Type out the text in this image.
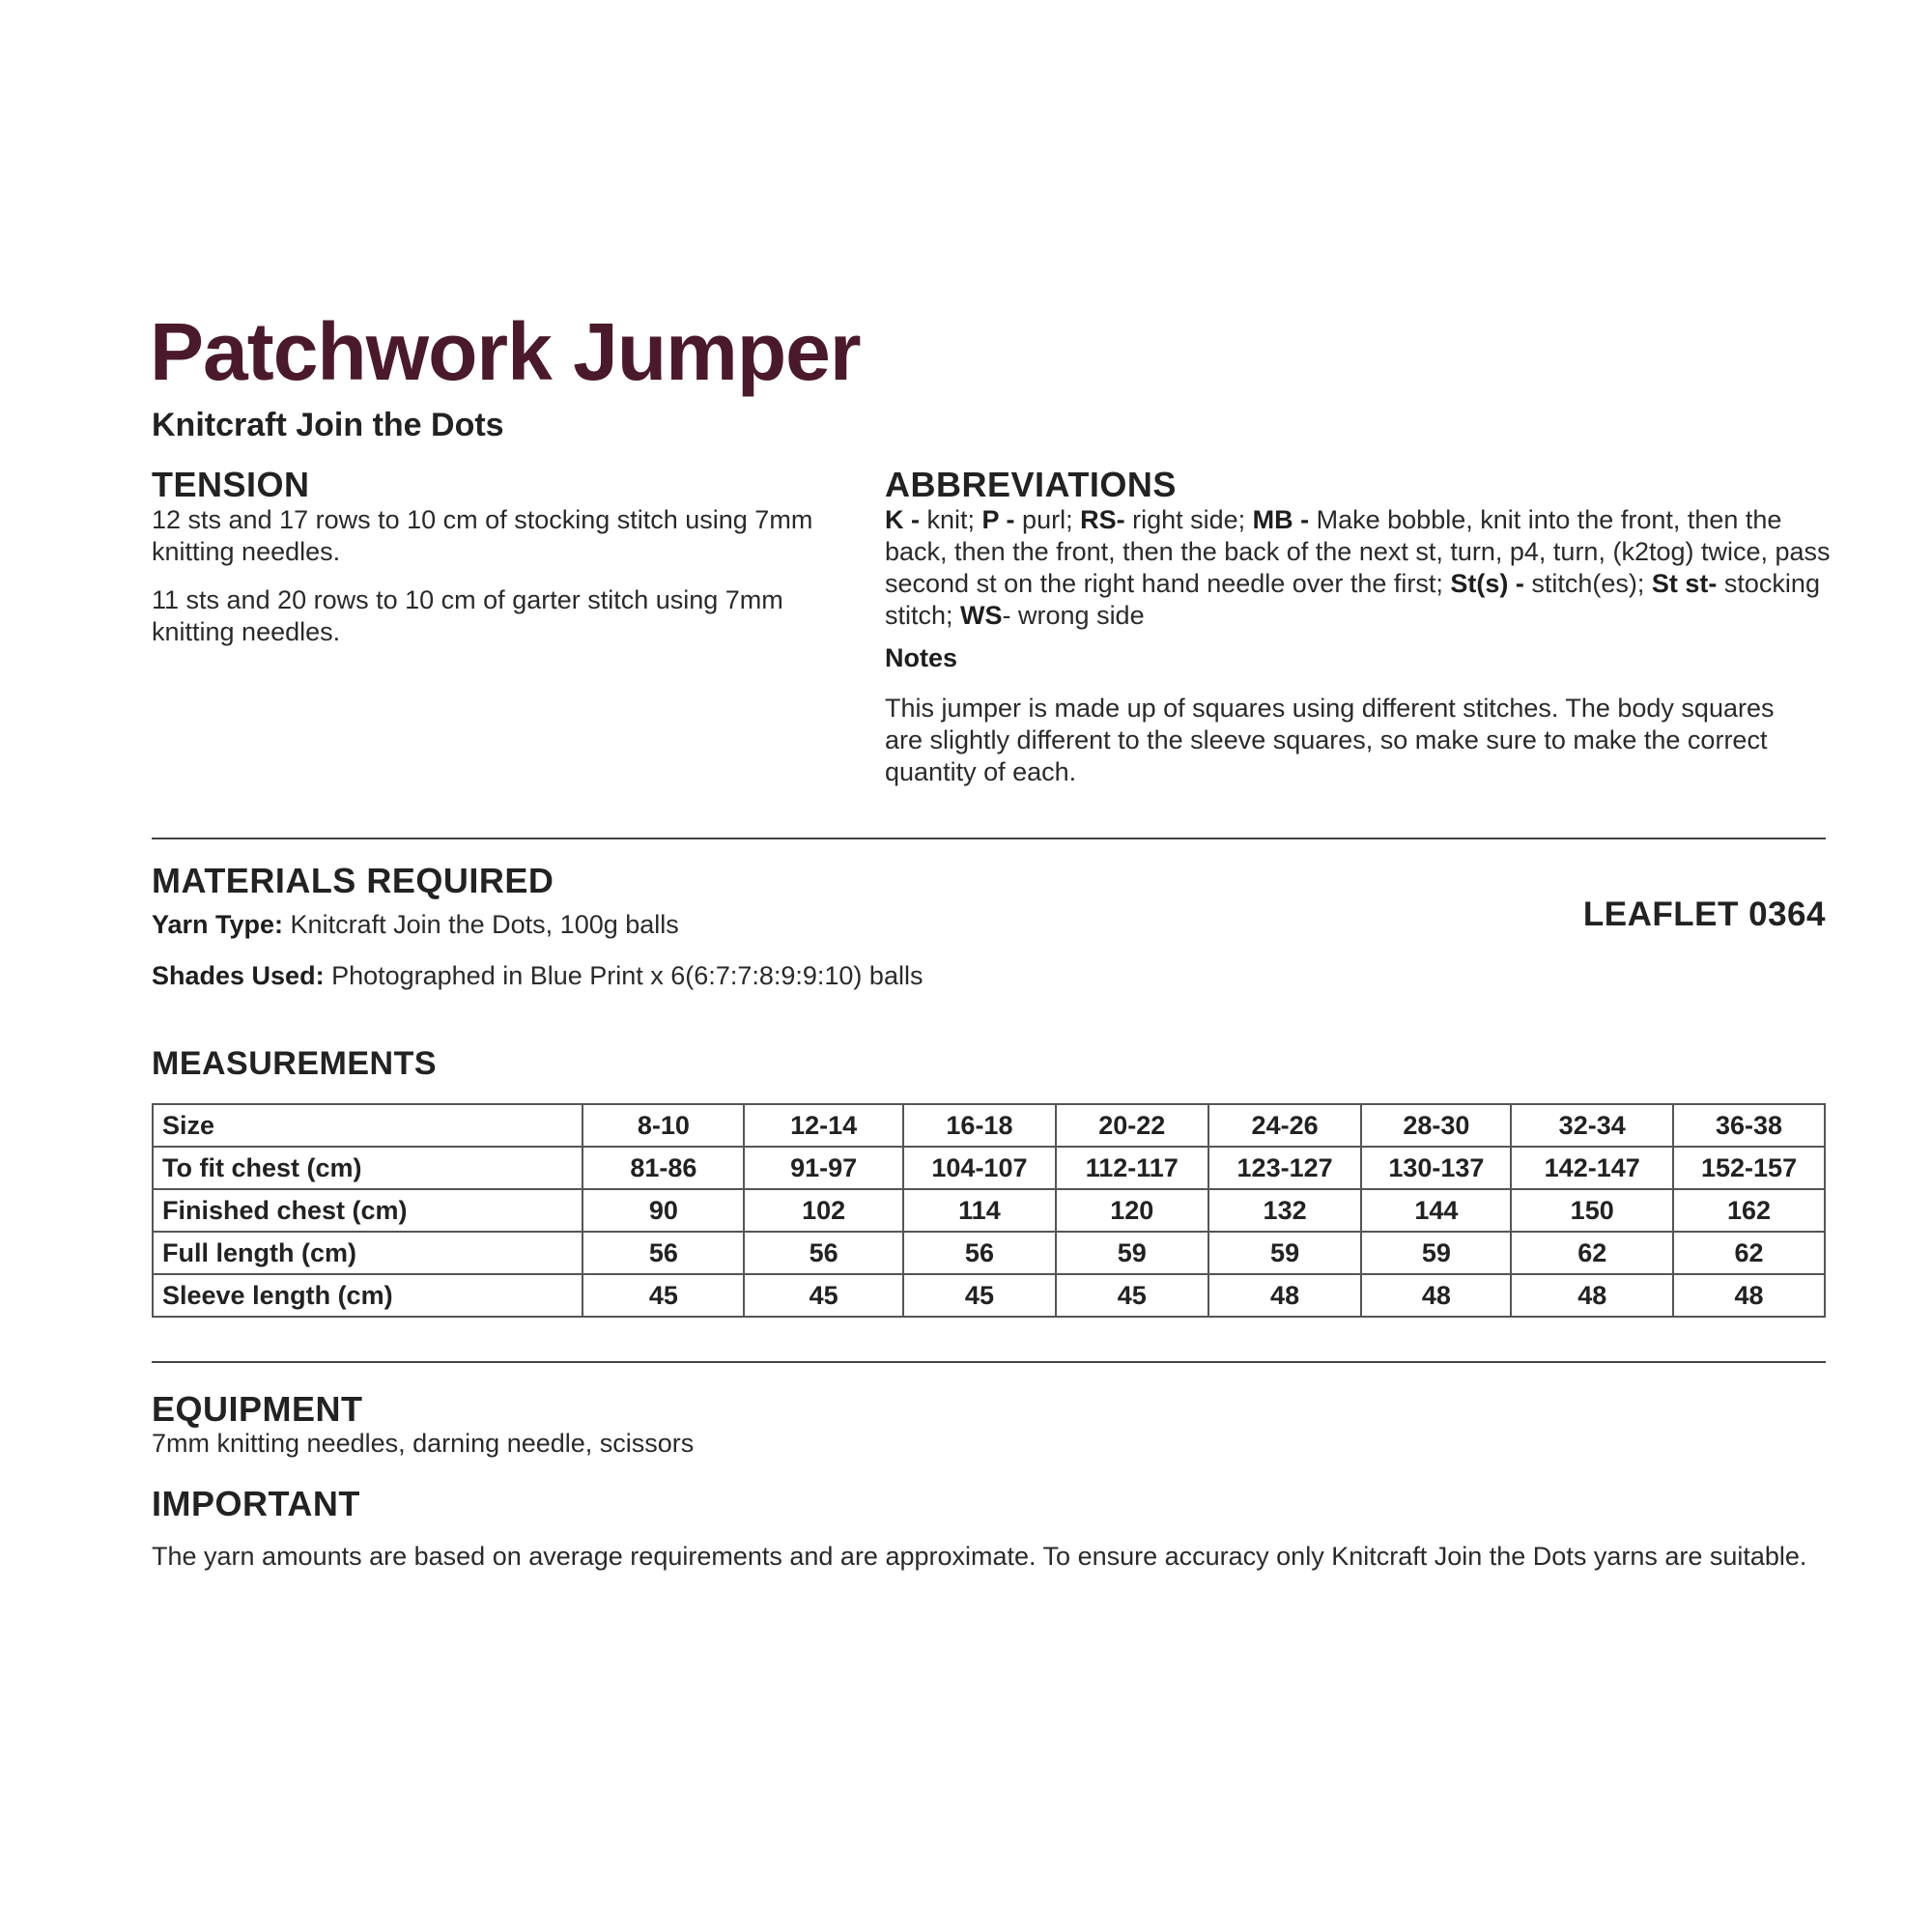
Patchwork Jumper
Knitcraft Join the Dots
TENSION

12 sts and 17 rows to 10 cm of stocking stitch using 7mm knitting needles.

11 sts and 20 rows to 10 cm of garter stitch using 7mm knitting needles.

ABBREVIATIONS
K - knit; P - purl; RS- right side; MB - Make bobble, knit into the front, then the back, then the front, then the back of the next st, turn, p4, turn, (k2tog) twice, pass second st on the right hand needle over the first; St(s) - stitch(es); St st- stocking stitch; WS- wrong side
Notes
This jumper is made up of squares using different stitches. The body squares are slightly different to the sleeve squares, so make sure to make the correct quantity of each.
MATERIALS REQUIRED
Yarn Type: Knitcraft Join the Dots, 100g balls
Shades Used: Photographed in Blue Print x 6(6:7:7:8:9:9:10) balls
LEAFLET 0364
MEASUREMENTS
Size	8-10	12-14	16-18	20-22	24-26	28-30	32-34	36-38
To fit chest (cm)	81-86	91-97	104-107	112-117	123-127	130-137	142-147	152-157
Finished chest (cm)	90	102	114	120	132	144	150	162
Full length (cm)	56	56	56	59	59	59	62	62
Sleeve length (cm)	45	45	45	45	48	48	48	48
EQUIPMENT
7mm knitting needles, darning needle, scissors
IMPORTANT
The yarn amounts are based on average requirements and are approximate. To ensure accuracy only Knitcraft Join the Dots yarns are suitable.
